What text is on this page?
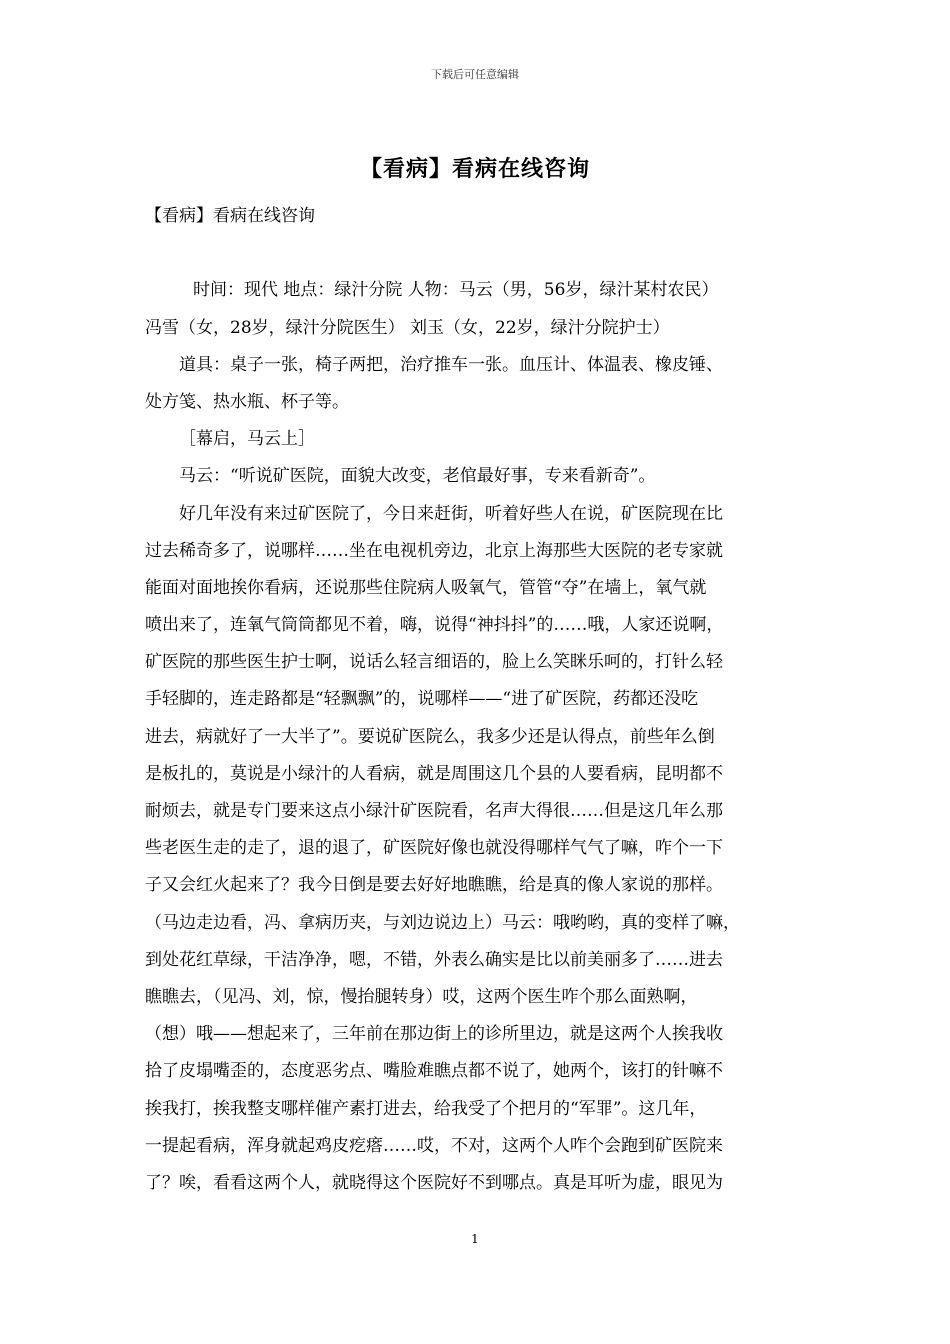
下载后可任意编辑
【看病】看病在线咨询
【看病】看病在线咨询
时间：现代 地点：绿汁分院 人物：马云（男，56岁，绿汁某村农民）
冯雪（女，28岁，绿汁分院医生） 刘玉（女，22岁，绿汁分院护士）
道具：桌子一张，椅子两把，治疗推车一张。血压计、体温表、橡皮锤、
处方笺、热水瓶、杯子等。
［幕启，马云上］
马云：“听说矿医院，面貌大改变，老倌最好事，专来看新奇”。
好几年没有来过矿医院了，今日来赶街，听着好些人在说，矿医院现在比
过去稀奇多了，说哪样……坐在电视机旁边，北京上海那些大医院的老专家就
能面对面地挨你看病，还说那些住院病人吸氧气，管管“夺”在墙上，氧气就
喷出来了，连氧气筒筒都见不着，嗨，说得“神抖抖”的……哦，人家还说啊，
矿医院的那些医生护士啊，说话么轻言细语的，脸上么笑眯乐呵的，打针么轻
手轻脚的，连走路都是“轻飘飘”的，说哪样——“进了矿医院，药都还没吃
进去，病就好了一大半了”。要说矿医院么，我多少还是认得点，前些年么倒
是板扎的，莫说是小绿汁的人看病，就是周围这几个县的人要看病，昆明都不
耐烦去，就是专门要来这点小绿汁矿医院看，名声大得很……但是这几年么那
些老医生走的走了，退的退了，矿医院好像也就没得哪样气气了嘛，咋个一下
子又会红火起来了？我今日倒是要去好好地瞧瞧，给是真的像人家说的那样。
（马边走边看，冯、拿病历夹，与刘边说边上）马云：哦哟哟，真的变样了嘛，
到处花红草绿，干洁净净，嗯，不错，外表么确实是比以前美丽多了……进去
瞧瞧去，（见冯、刘，惊，慢抬腿转身）哎，这两个医生咋个那么面熟啊，
（想）哦——想起来了，三年前在那边街上的诊所里边，就是这两个人挨我收
拾了皮塌嘴歪的，态度恶劣点、嘴脸难瞧点都不说了，她两个，该打的针嘛不
挨我打，挨我整支哪样催产素打进去，给我受了个把月的“军罪”。这几年，
一提起看病，浑身就起鸡皮疙瘩……哎，不对，这两个人咋个会跑到矿医院来
了？唉，看看这两个人，就晓得这个医院好不到哪点。真是耳听为虚，眼见为
1
